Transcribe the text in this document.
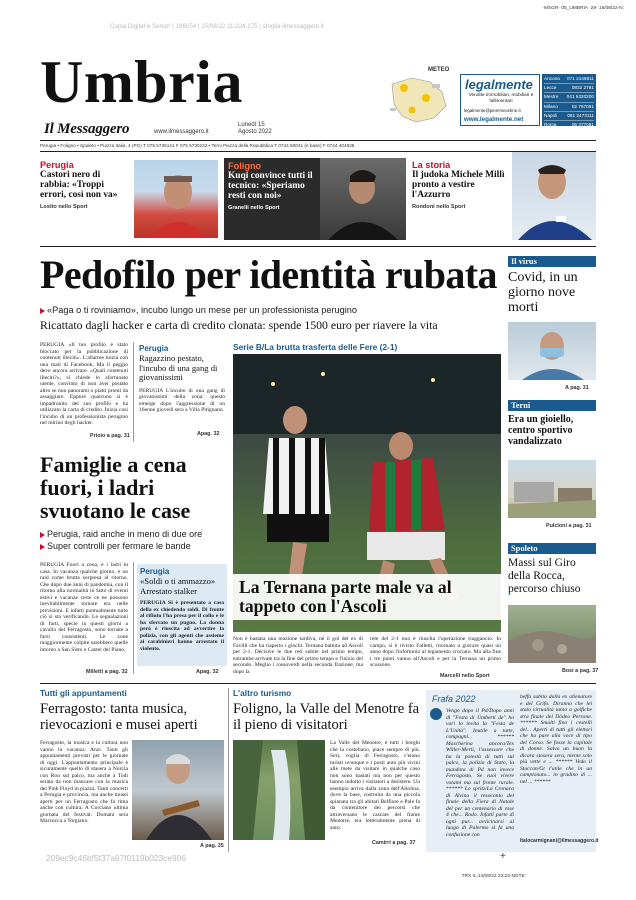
·MSGR· 05_UMBRIA ·29· 15/08/22-N:
Umbria
Copia Digital e Servizi | 166054 | 15/08/22 11:224.175 | sfoglia ilmessaggero.it
Il Messaggero	www.ilmessaggero.it
Lunedì 15
Agosto 2022
METEO
legalmente
Vendite immobiliari, mobiliari e fallimentari
legalmente@piemmeonline.it
www.legalmente.net
Ancona 071 2149811
Lecce	0832 2781
Mestre 041 5320200
Milano	02 757091
Napoli 081 2473111
Roma	06 377081
Perugia • Foligno • Spoleto • Piazza Italia, 4 (PG) T 075 5736141 F 075 5730222 • Terni Piazza della Repubblica T 0744 50041 (e base) F 0744 404628
Perugia
Castori nero di rabbia: «Troppi errori, così non va»
Losito nello Sport
Foligno
Kuqi convince tutti il tecnico: «Speriamo resti con noi»
Granelli nello Sport
La storia
Il judoka Michele Millì pronto a vestire l'Azzurro
Rondoni nello Sport
Pedofilo per identità rubata
«Paga o ti roviniamo», incubo lungo un mese per un professionista perugino
Ricattato dagli hacker e carta di credito clonata: spende 1500 euro per riavere la vita
Il virus
Covid, in un giorno nove morti
A pag. 31
Terni
Era un gioiello, centro sportivo vandalizzato
Pulcioni a pag. 31
Spoleto
Massi sul Giro della Rocca, percorso chiuso
Bosi a pag. 37
PERUGIA «Il tuo profilo è stato bloccato per la pubblicazione di contenuti illeciti». L'allarme inizia con una mail di Facebook. Ma il peggio deve ancora arrivare. «Quali contenuti illeciti?», si chiede lo sfortunato utente, convinto di non aver postato altro se non panorami o piatti pronti da assaggiare. Eppure qualcuno si è impadronito del suo profilo e ha utilizzato la carta di credito. Inizia così l'incubo di un professionista perugino nel mirino degli hacker.
Prioio a pag. 31
Perugia
Ragazzino pestato, l'incubo di una gang di giovanissimi
PERUGIA L'incubo di una gang di giovanissimi della zona: questo emerge dopo l'aggressione di un 16enne giovedì sera a Villa Pitignano.
Apag. 32
Serie B/La brutta trasferta delle Fere (2-1)
La Ternana parte male va al tappeto con l'Ascoli
Non è bastata una reazione tardiva, né il gol del ex di Favilli che ha riaperto i giochi. Ternana battuta ad Ascoli per 2-1. Decisive le due reti subite nel primo tempo, entrambe arrivate tra la fine del primo tempo e l'inizio del secondo. Meglio i rossoverdi nella seconda frazione, ma dopo la
rete del 2-1 non è riuscita l'operazione riaggancio. In campo, si è rivisto Falletti, ritornato a giocare quasi un anno dopo l'infortunio al legamento crociato. Ma alla fine i tre punti vanno all'Ascoli e per la Ternana un primo scossone.
Marcelli nello Sport
Famiglie a cena fuori, i ladri svuotano le case
Perugia, raid anche in meno di due ore
Super controlli per fermare le bande
PERUGIA Fuori a cena, e i ladri in casa. In vacanza qualche giorno, e un raid come brutta sorpresa al ritorno. Che dopo due anni di pandemia, con il ritorno alla normalità in fatto di eventi estivi e vacanze certe ce ne possono inevitabilmente tornare era nelle previsioni. E infatti puntualmente tutto ciò si sta verificando. Le segnalazioni di furti, specie in questi giorni a cavallo del Ferragosto, sono tornate a farsi consistenti. Le zone maggiormente colpite sarebbero quelle intorno a San Sisto e Castel del Piano.
Milletti a pag. 32
Perugia
«Soldi o ti ammazzo» Arrestato stalker
PERUGIA Si è presentato a casa della ex chiedendo soldi. Di fronte al rifiuto l'ha presa per il collo e le ha sferrato un pugno. La donna però è riuscita ad avvertire la polizia, con gli agenti che assieme ai carabinieri hanno arrestato il violento.
Apag. 32
Tutti gli appuntamenti
Ferragosto: tanta musica, rievocazioni e musei aperti
Ferragosto, la musica e la cultura non vanno in vacanza. Anzi. Tanti gli appuntamenti previsti per le giornate di oggi. L'appuntamento principale è sicuramente quello di stasera a Norcia con Ron sul palco, ma anche a Todi serata da non mancare con la musica dei Pink Floyd in piazza. Tanti concerti a Perugia e provincia, ma anche musei aperti per un Ferragosto che fa rima anche con cultura. A Corciano ultima giornata del festival. Domani sera Marzocca a Torgiano.
A pag. 35
L'altro turismo
Foligno, la Valle del Menotre fa il pieno di visitatori
La Valle del Menotre, e tutti i borghi che la costellano, piace sempre di più. Seri, voglia di Ferragosto, c'erano turisti ovunque e i posti auto più vicini alle mete da visitare in qualche caso non sono bastati ma non per questo hanno indotto i visitatori a desistere. Un esempio arriva dalla zona dell'Altolina, dove la base, costruita da una piccola spianata tra gli abitati Belfiore e Pale fa da contenitore dei percorsi che attraversano le cascate del fiume Menotre, era letteralmente piena di auto.
Camirri a pag. 37
Frafa 2022
Vengo dopo il Pd/Dopo anni di "Festa di Umberti de" ho vari lo invita la "Festa de L'Unità". Inutile a tutte, compagni. ****** Mascherina ancora/Tex Willer-Merli, l'assessore che ha la potestà di tutti sul palco, la polizia di Stato, la mandata di Pd non invece Ferragosto. Se vuoi vivere votami ma sul fronte rurale. ****** Lo spritz/La Cronaca di Alvino il resoconto del finale della Fiera di Natale del per un centenario di rose 4 che... Rodo. Infatti parte di ogni pur... avvicinarsi al luogo di Palermo si fa una confusione con
beffa subito dalla ex allenatore e del Grifo. Diranno che lei stato virtualità tanto a golfiche stra finale del Dòdeo Perrone. ****** Smalti fino i cestelli del... Aperti di tutti gli elettori che ha pare alla voce di tipo del Corso. Se fosse la capitale di donne. Salvo un buon la dicara stasera sera, niente solo più vette e ... ****** Vedo il Staccan/Gt l'utile che in un campionato... in gradino di ... nel ... ******
Italocarmignani@ilmessaggero.it
209ec9c46bf5f37a87f0119b023ce906	+
·TRX IL:14/08/22 23:23·NOTE:
